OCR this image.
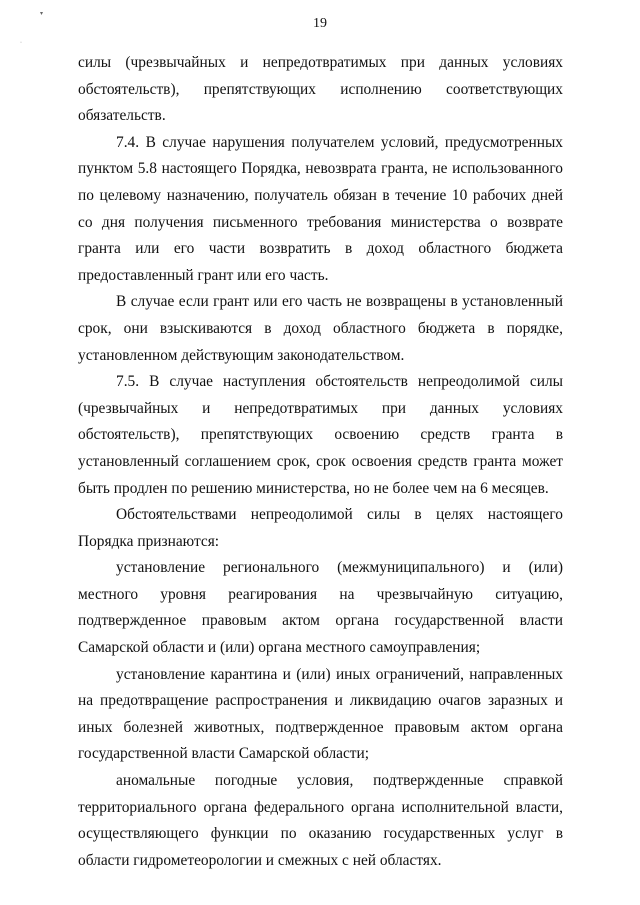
19
▾
·

силы (чрезвычайных и непредотвратимых при данных условиях обстоятельств), препятствующих исполнению соответствующих обязательств.

7.4. В случае нарушения получателем условий, предусмотренных пунктом 5.8 настоящего Порядка, невозврата гранта, не использованного по целевому назначению, получатель обязан в течение 10 рабочих дней со дня получения письменного требования министерства о возврате гранта или его части возвратить в доход областного бюджета предоставленный грант или его часть.

В случае если грант или его часть не возвращены в установленный срок, они взыскиваются в доход областного бюджета в порядке, установленном действующим законодательством.

7.5. В случае наступления обстоятельств непреодолимой силы (чрезвычайных и непредотвратимых при данных условиях обстоятельств), препятствующих освоению средств гранта в установленный соглашением срок, срок освоения средств гранта может быть продлен по решению министерства, но не более чем на 6 месяцев.

Обстоятельствами непреодолимой силы в целях настоящего Порядка признаются:

установление регионального (межмуниципального) и (или) местного уровня реагирования на чрезвычайную ситуацию, подтвержденное правовым актом органа государственной власти Самарской области и (или) органа местного самоуправления;

установление карантина и (или) иных ограничений, направленных на предотвращение распространения и ликвидацию очагов заразных и иных болезней животных, подтвержденное правовым актом органа государственной власти Самарской области;

аномальные погодные условия, подтвержденные справкой территориального органа федерального органа исполнительной власти, осуществляющего функции по оказанию государственных услуг в области гидрометеорологии и смежных с ней областях.
